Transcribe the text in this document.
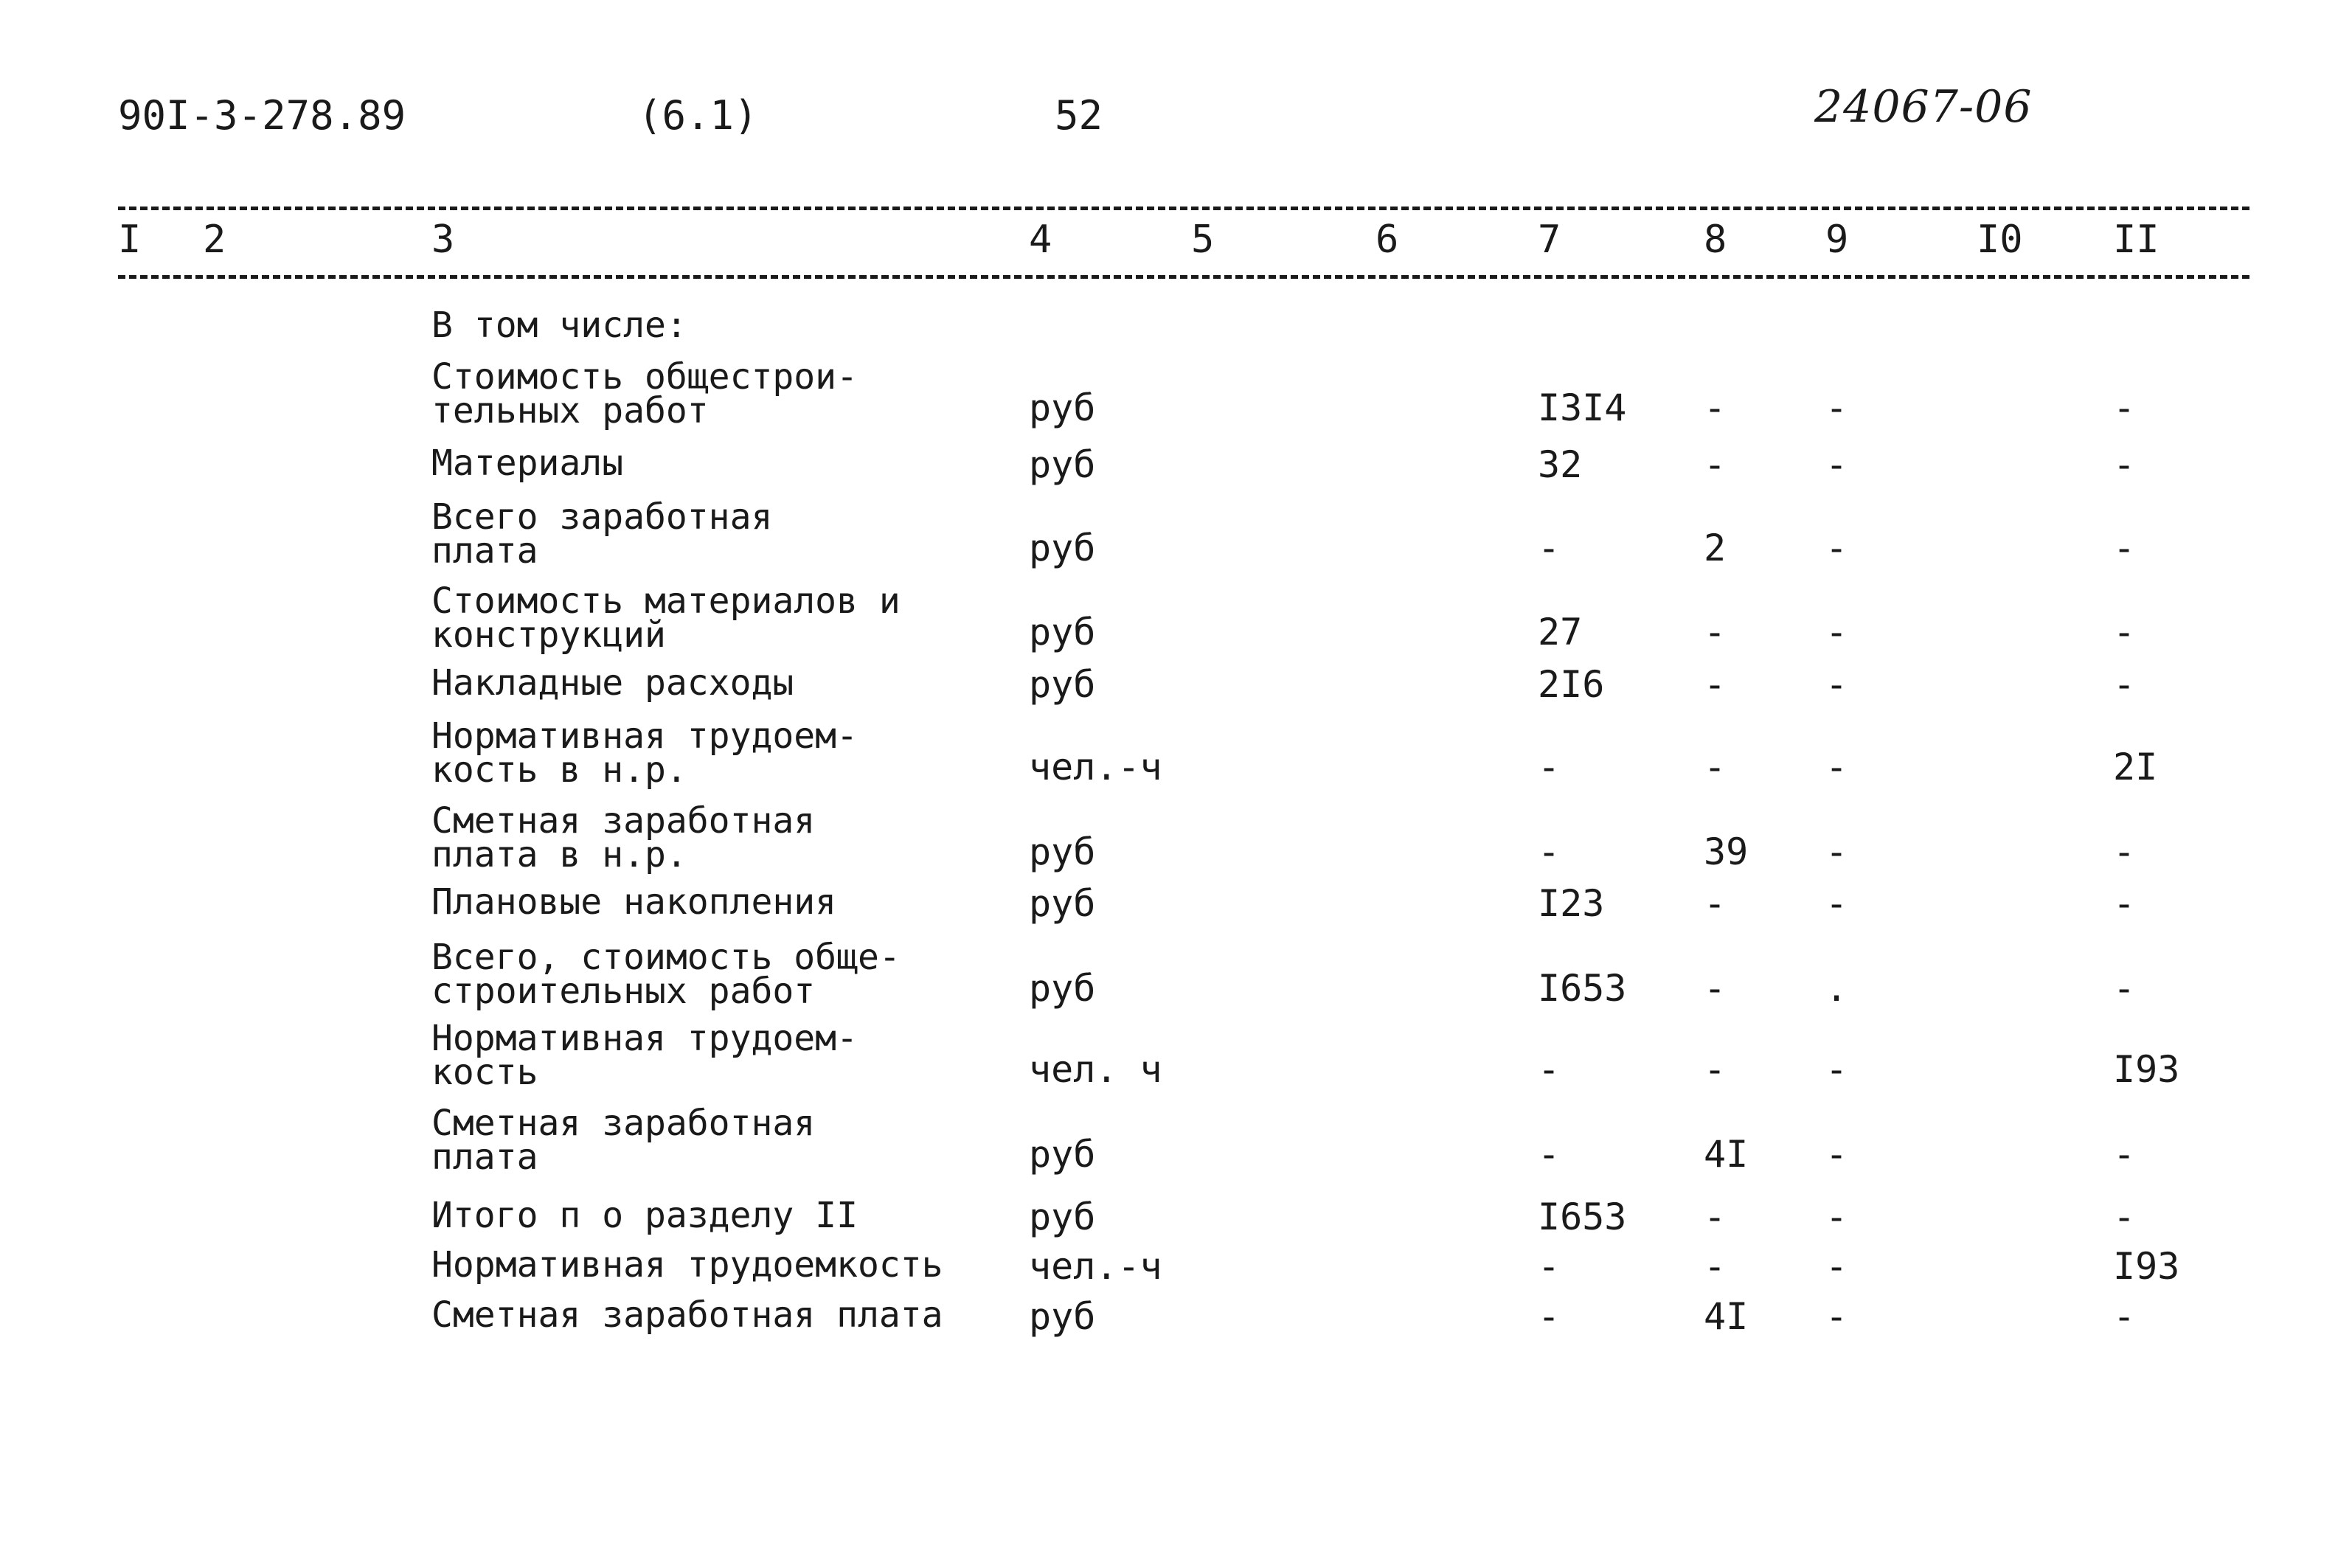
90I-3-278.89	(6.1)	52	24067-06
I 2	3	4	5	6	7	8	9	I0 II
В том числе:
Стоимость общестрои-
тельных работ	руб	I3I4 -	-	-
Материалы	руб	32	-	-	-
Всего заработная
плата	руб	-	2	-	-
Стоимость материалов и
конструкций	руб	27	-	-	-
Накладные расходы	руб	2I6	-	-	-
Нормативная трудоем-
кость в н.р.	чел.-ч	-	-	-	2I
Сметная заработная
плата в н.р.	руб	-	39 -	-
Плановые накопления	руб	I23	-	-	-
Всего, стоимость обще-
строительных работ	руб	I653 -	.	-
Нормативная трудоем-
кость	чел. ч	-	-	-	I93
Сметная заработная
плата	руб	-	4I -	-
Итого п о разделу II	руб	I653 -	-	-
Нормативная трудоемкость чел.-ч	-	-	-	I93
Сметная заработная плата руб	-	4I -	-
